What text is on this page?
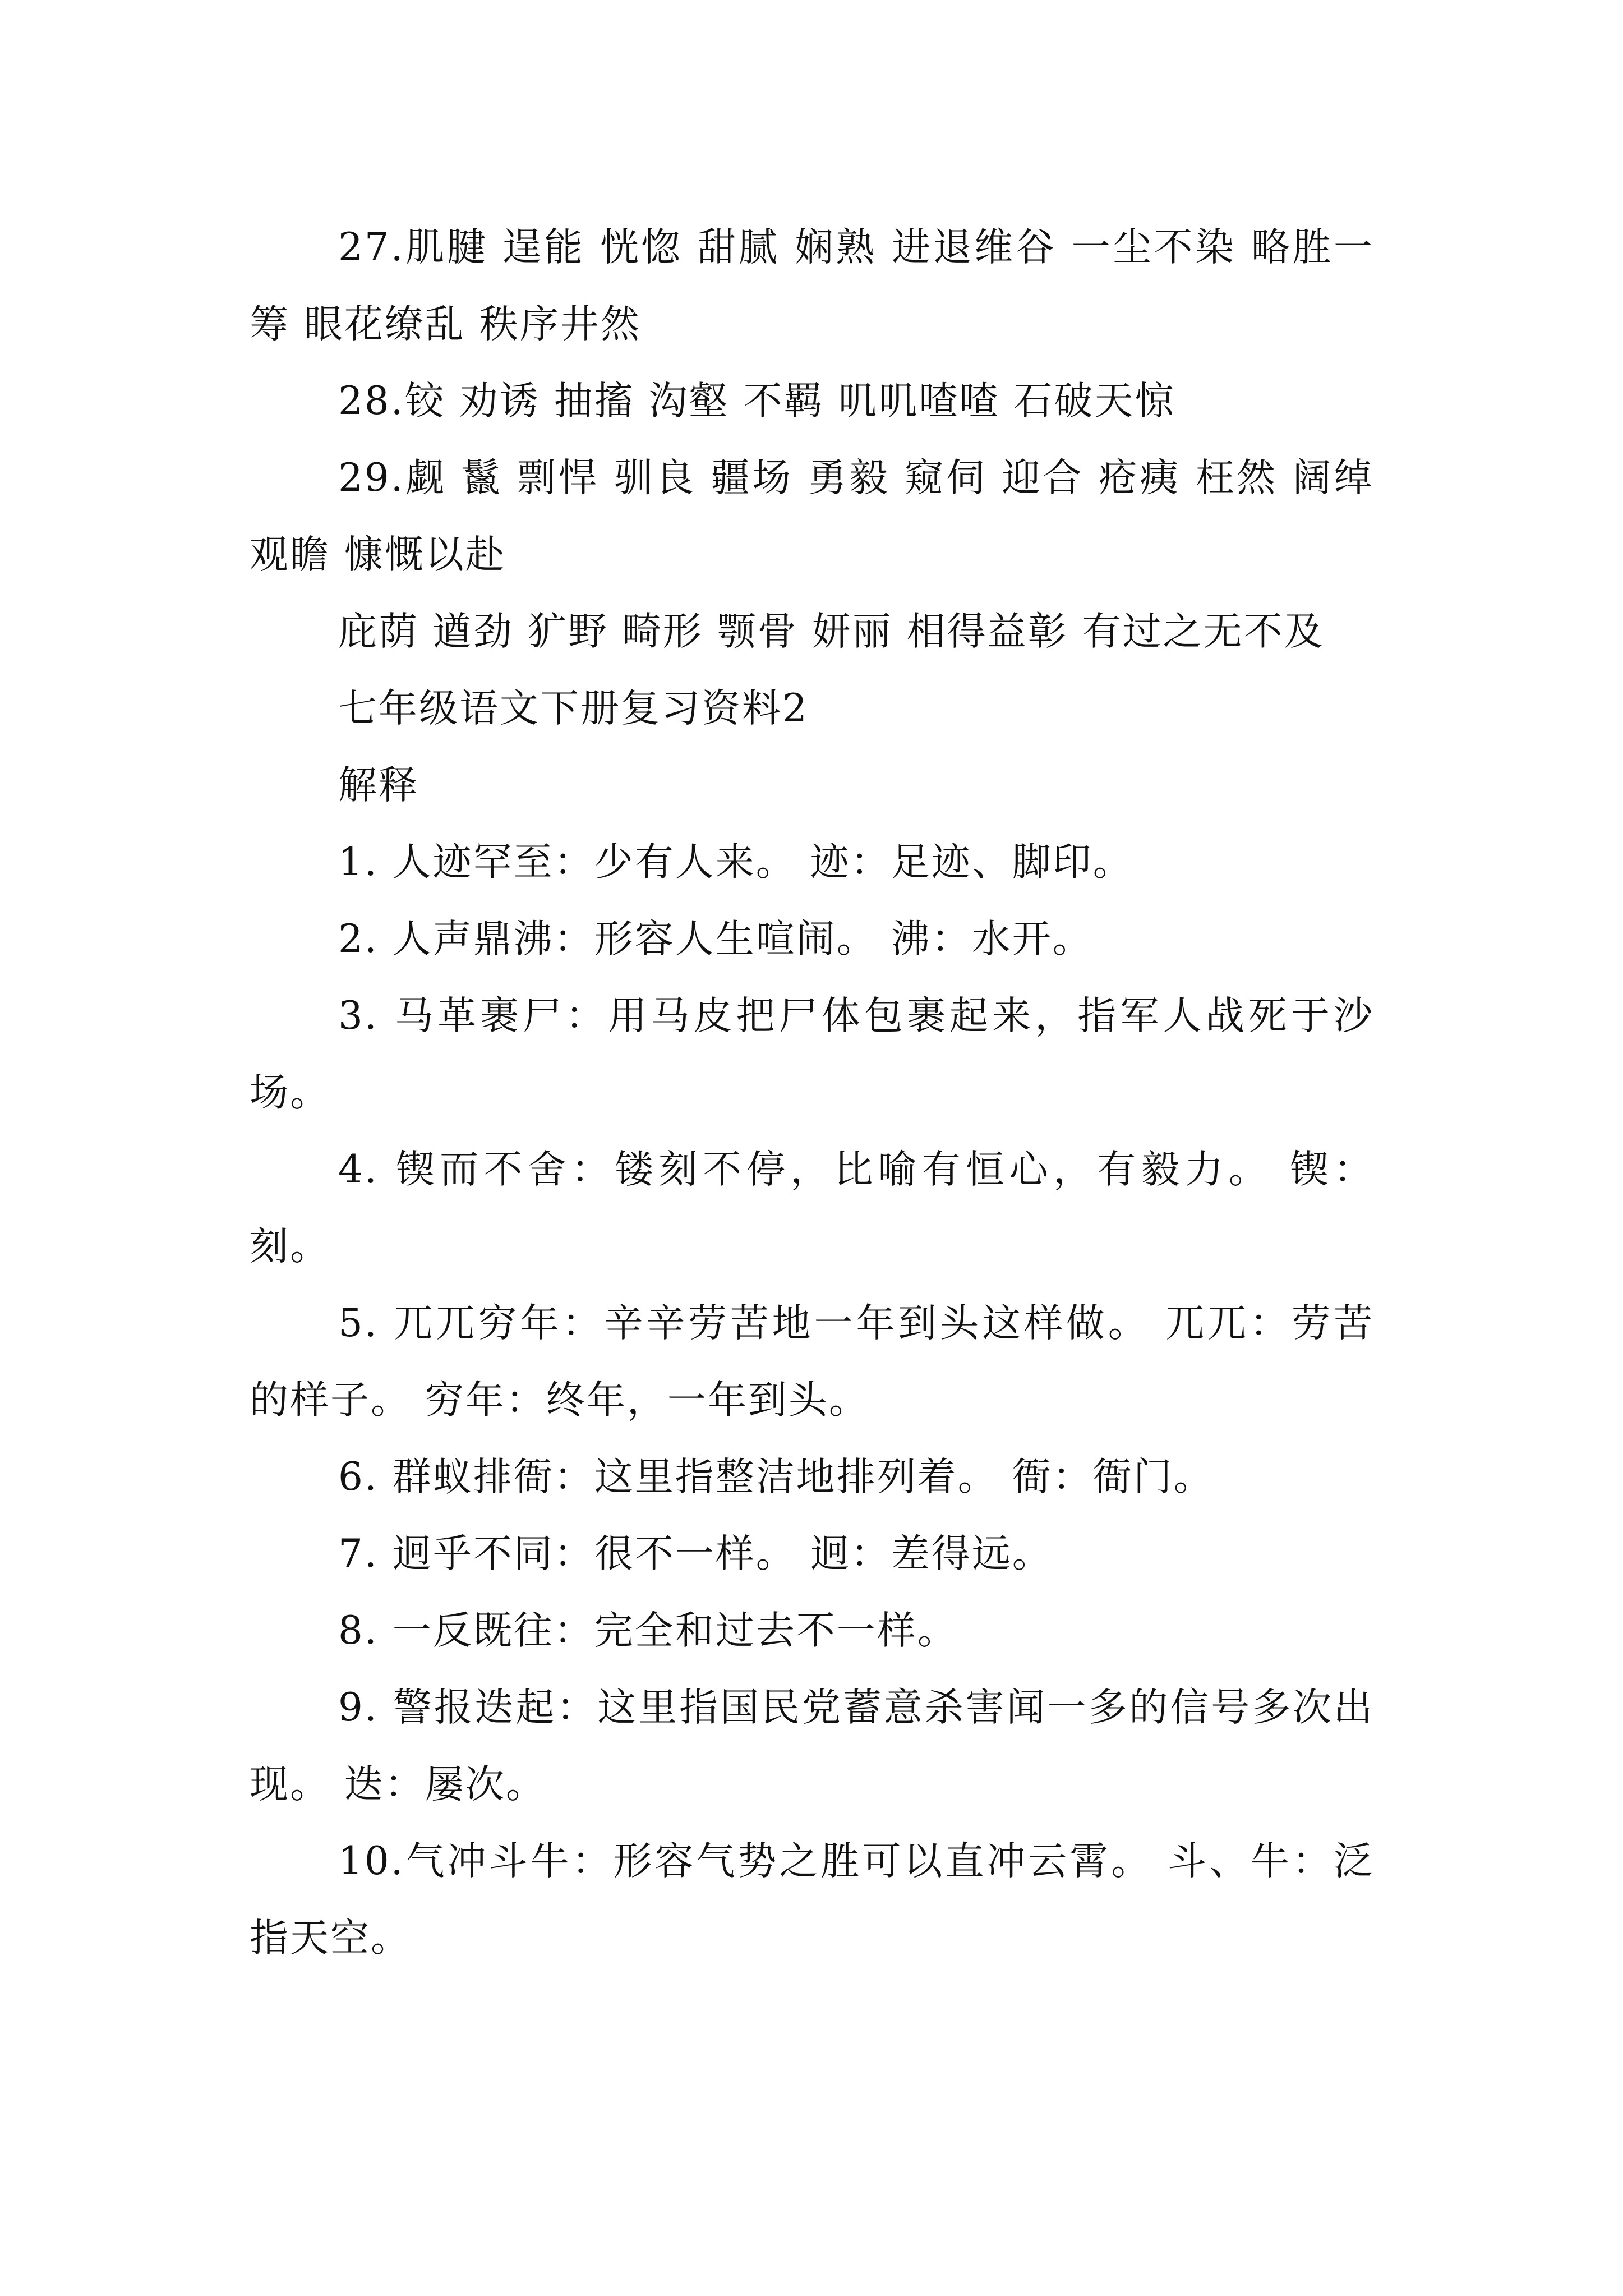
27.肌腱 逞能 恍惚 甜腻 娴熟 进退维谷 一尘不染 略胜一筹 眼花缭乱 秩序井然

28.铰 劝诱 抽搐 沟壑 不羁 叽叽喳喳 石破天惊

29.觑 鬣 剽悍 驯良 疆场 勇毅 窥伺 迎合 疮痍 枉然 阔绰 观瞻 慷慨以赴

庇荫 遒劲 犷野 畸形 颚骨 妍丽 相得益彰 有过之无不及

七年级语文下册复习资料2

解释

1. 人迹罕至：少有人来。 迹：足迹、脚印。

2. 人声鼎沸：形容人生喧闹。 沸：水开。

3. 马革裹尸：用马皮把尸体包裹起来，指军人战死于沙场。

4. 锲而不舍：镂刻不停，比喻有恒心，有毅力。 锲：刻。

5. 兀兀穷年：辛辛劳苦地一年到头这样做。 兀兀：劳苦的样子。 穷年：终年，一年到头。

6. 群蚁排衙：这里指整洁地排列着。 衙：衙门。

7. 迥乎不同：很不一样。 迥：差得远。

8. 一反既往：完全和过去不一样。

9. 警报迭起：这里指国民党蓄意杀害闻一多的信号多次出现。 迭：屡次。

10.气冲斗牛：形容气势之胜可以直冲云霄。 斗、牛：泛指天空。
